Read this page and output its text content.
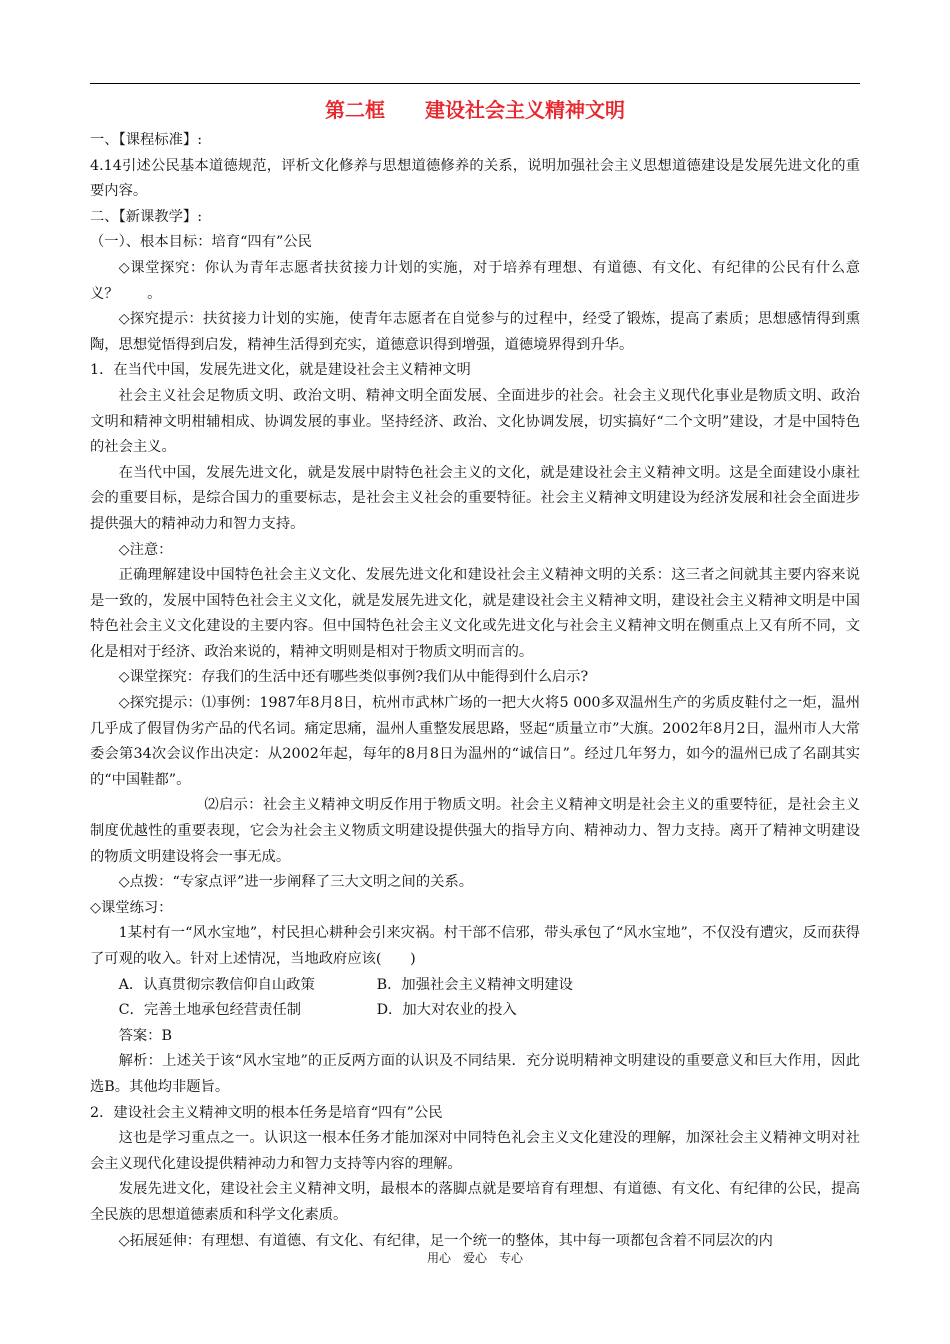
第二框　　建设社会主义精神文明

一、【课程标准】:

4.14引述公民基本道德规范，评析文化修养与思想道德修养的关系，说明加强社会主义思想道德建设是发展先进文化的重要内容。

二、【新课教学】:

（一）、根本目标：培育“四有”公民

◇课堂探究：你认为青年志愿者扶贫接力计划的实施，对于培养有理想、有道德、有文化、有纪律的公民有什么意义？　　。

◇探究提示：扶贫接力计划的实施，使青年志愿者在自觉参与的过程中，经受了锻炼，提高了素质；思想感情得到熏陶，思想觉悟得到启发，精神生活得到充实，道德意识得到增强，道德境界得到升华。

1．在当代中国，发展先进文化，就是建设社会主义精神文明

社会主义社会足物质文明、政治文明、精神文明全面发展、全面进步的社会。社会主义现代化事业是物质文明、政治文明和精神文明柑辅相成、协调发展的事业。坚持经济、政治、文化协调发展，切实搞好“二个文明”建设，才是中国特色的社会主义。

在当代中国，发展先进文化，就是发展中尉特色社会主义的文化，就是建设社会主义精神文明。这是全面建设小康社会的重要目标，是综合国力的重要标志，是社会主义社会的重要特征。社会主义精神文明建设为经济发展和社会全面进步提供强大的精神动力和智力支持。

◇注意：

正确理解建设中国特色社会主义文化、发展先进文化和建设社会主义精神文明的关系：这三者之间就其主要内容来说是一致的，发展中国特色社会主义文化，就是发展先进文化，就是建设社会主义精神文明，建设社会主义精神文明是中国特色社会主义文化建设的主要内容。但中国特色社会主义文化或先进文化与社会主义精神文明在侧重点上又有所不同，文化是相对于经济、政治来说的，精神文明则是相对于物质文明而言的。

◇课堂探究：存我们的生活中还有哪些类似事例?我们从中能得到什么启示?

◇探究提示：⑴事例：1987年8月8日，杭州市武林广场的一把大火将5 000多双温州生产的劣质皮鞋付之一炬，温州几乎成了假冒伪劣产品的代名词。痛定思痛，温州人重整发展思路，竖起“质量立市”大旗。2002年8月2日，温州市人大常委会第34次会议作出决定：从2002年起，每年的8月8日为温州的“诚信日”。经过几年努力，如今的温州已成了名副其实的“中国鞋都”。

⑵启示：社会主义精神文明反作用于物质文明。社会主义精神文明是社会主义的重要特征，是社会主义制度优越性的重要表现，它会为社会主义物质文明建设提供强大的指导方向、精神动力、智力支持。离开了精神文明建设的物质文明建设将会一事无成。

◇点拨：“专家点评”进一步阐释了三大文明之间的关系。

◇课堂练习：

1某村有一“风水宝地”，村民担心耕种会引来灾祸。村干部不信邪，带头承包了“风水宝地”，不仅没有遭灾，反而获得了可观的收入。针对上述情况，当地政府应该(　　)

A．认真贯彻宗教信仰自山政策	B．加强社会主义精神文明建设

C．完善土地承包经营责任制	D．加大对农业的投入

答案：B

解析：上述关于该“风水宝地”的正反两方面的认识及不同结果．充分说明精神文明建设的重要意义和巨大作用，因此选B。其他均非题旨。

2．建设社会主义精神文明的根本任务是培育“四有”公民

这也是学习重点之一。认识这一根本任务才能加深对中同特色礼会主义文化建没的理解，加深社会主义精神文明对社会主义现代化建设提供精神动力和智力支持等内容的理解。

发展先进文化，建设社会主义精神文明，最根本的落脚点就是要培育有理想、有道德、有文化、有纪律的公民，提高全民族的思想道德素质和科学文化素质。

◇拓展延伸：有理想、有道德、有文化、有纪律，足一个统一的整体，其中每一项都包含着不同层次的内

用心　爱心　专心
